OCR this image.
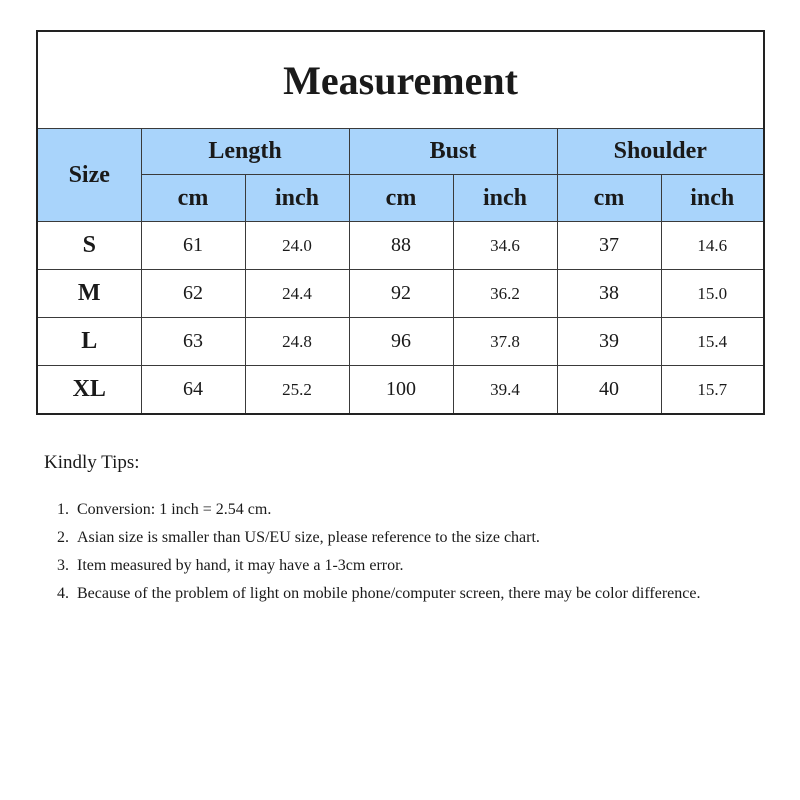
Measurement						
Size	Length		Bust		Shoulder	
	cm	inch	cm	inch	cm	inch
S	61	24.0	88	34.6	37	14.6
M	62	24.4	92	36.2	38	15.0
L	63	24.8	96	37.8	39	15.4
XL	64	25.2	100	39.4	40	15.7

Kindly Tips:

1. Conversion: 1 inch = 2.54 cm.
2. Asian size is smaller than US/EU size, please reference to the size chart.
3. Item measured by hand, it may have a 1-3cm error.
4. Because of the problem of light on mobile phone/computer screen, there may be color difference.
